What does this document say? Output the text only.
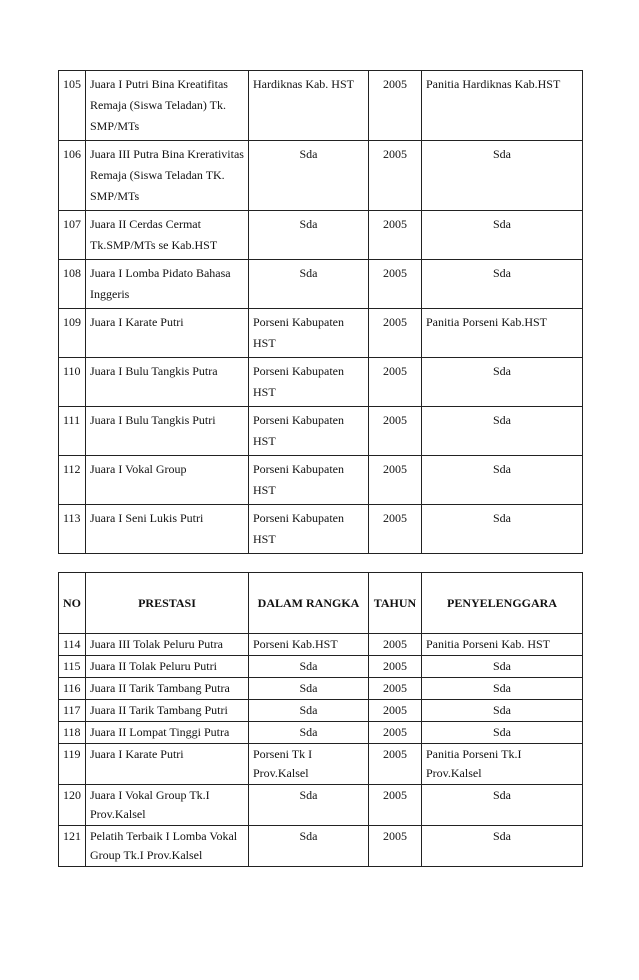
105	Juara I Putri Bina Kreatifitas Remaja (Siswa Teladan) Tk. SMP/MTs	Hardiknas Kab. HST	2005	Panitia Hardiknas Kab.HST
106	Juara III Putra Bina Krerativitas Remaja (Siswa Teladan TK. SMP/MTs	Sda	2005	Sda
107	Juara II Cerdas Cermat Tk.SMP/MTs se Kab.HST	Sda	2005	Sda
108	Juara I Lomba Pidato Bahasa Inggeris	Sda	2005	Sda
109	Juara I Karate Putri	Porseni Kabupaten HST	2005	Panitia Porseni Kab.HST
110	Juara I Bulu Tangkis Putra	Porseni Kabupaten HST	2005	Sda
111	Juara I Bulu Tangkis Putri	Porseni Kabupaten HST	2005	Sda
112	Juara I Vokal Group	Porseni Kabupaten HST	2005	Sda
113	Juara I Seni Lukis Putri	Porseni Kabupaten HST	2005	Sda
NO	PRESTASI	DALAM RANGKA	TAHUN	PENYELENGGARA
114	Juara III Tolak Peluru Putra	Porseni Kab.HST	2005	Panitia Porseni Kab. HST
115	Juara II Tolak Peluru Putri	Sda	2005	Sda
116	Juara II Tarik Tambang Putra	Sda	2005	Sda
117	Juara II Tarik Tambang Putri	Sda	2005	Sda
118	Juara II Lompat Tinggi Putra	Sda	2005	Sda
119	Juara I Karate Putri	Porseni Tk I Prov.Kalsel	2005	Panitia Porseni Tk.I Prov.Kalsel
120	Juara I Vokal Group Tk.I Prov.Kalsel	Sda	2005	Sda
121	Pelatih Terbaik I Lomba Vokal Group Tk.I Prov.Kalsel	Sda	2005	Sda
